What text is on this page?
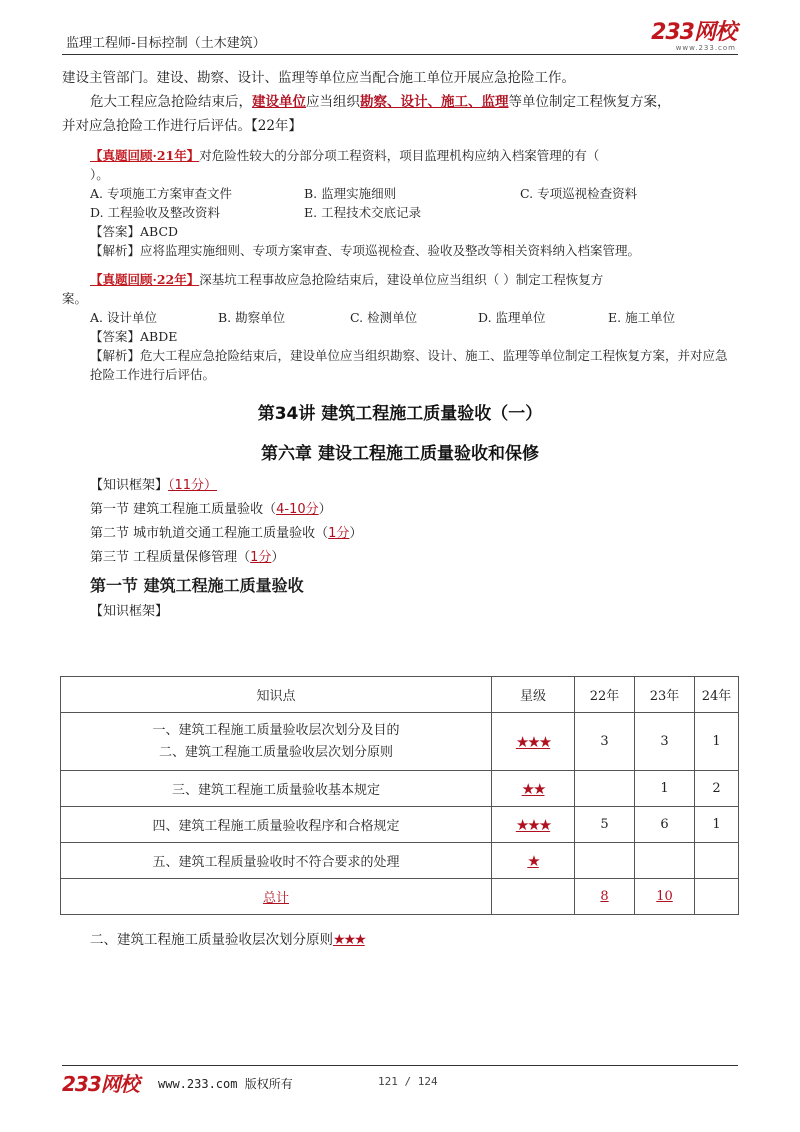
监理工程师-目标控制（土木建筑）	233网校
www.233.com

建设主管部门。建设、勘察、设计、监理等单位应当配合施工单位开展应急抢险工作。

危大工程应急抢险结束后，建设单位应当组织勘察、设计、施工、监理等单位制定工程恢复方案，

并对应急抢险工作进行后评估。【22年】

【真题回顾·21年】对危险性较大的分部分项工程资料，项目监理机构应纳入档案管理的有（

）。

A. 专项施工方案审查文件	B. 监理实施细则	C. 专项巡视检查资料
D. 工程验收及整改资料	E. 工程技术交底记录

【答案】ABCD

【解析】应将监理实施细则、专项方案审查、专项巡视检查、验收及整改等相关资料纳入档案管理。

【真题回顾·22年】深基坑工程事故应急抢险结束后，建设单位应当组织（ ）制定工程恢复方

案。

A. 设计单位	B. 勘察单位	C. 检测单位	D. 监理单位	E. 施工单位

【答案】ABDE

【解析】危大工程应急抢险结束后，建设单位应当组织勘察、设计、施工、监理等单位制定工程恢复方案，并对应急抢险工作进行后评估。

第34讲 建筑工程施工质量验收（一）

第六章 建设工程施工质量验收和保修

【知识框架】（11分）

第一节 建筑工程施工质量验收（4-10分）

第二节 城市轨道交通工程施工质量验收（1分）

第三节 工程质量保修管理（1分）

第一节 建筑工程施工质量验收

【知识框架】

知识点	星级	22年	23年	24年

一、建筑工程施工质量验收层次划分及目的
二、建筑工程施工质量验收层次划分原则	★★★	3	3	1
三、建筑工程施工质量验收基本规定	★★		1	2
四、建筑工程施工质量验收程序和合格规定	★★★	5	6	1
五、建筑工程质量验收时不符合要求的处理	★			
总计		8	10	

二、建筑工程施工质量验收层次划分原则★★★

233网校 www.233.com 版权所有	121 / 124
